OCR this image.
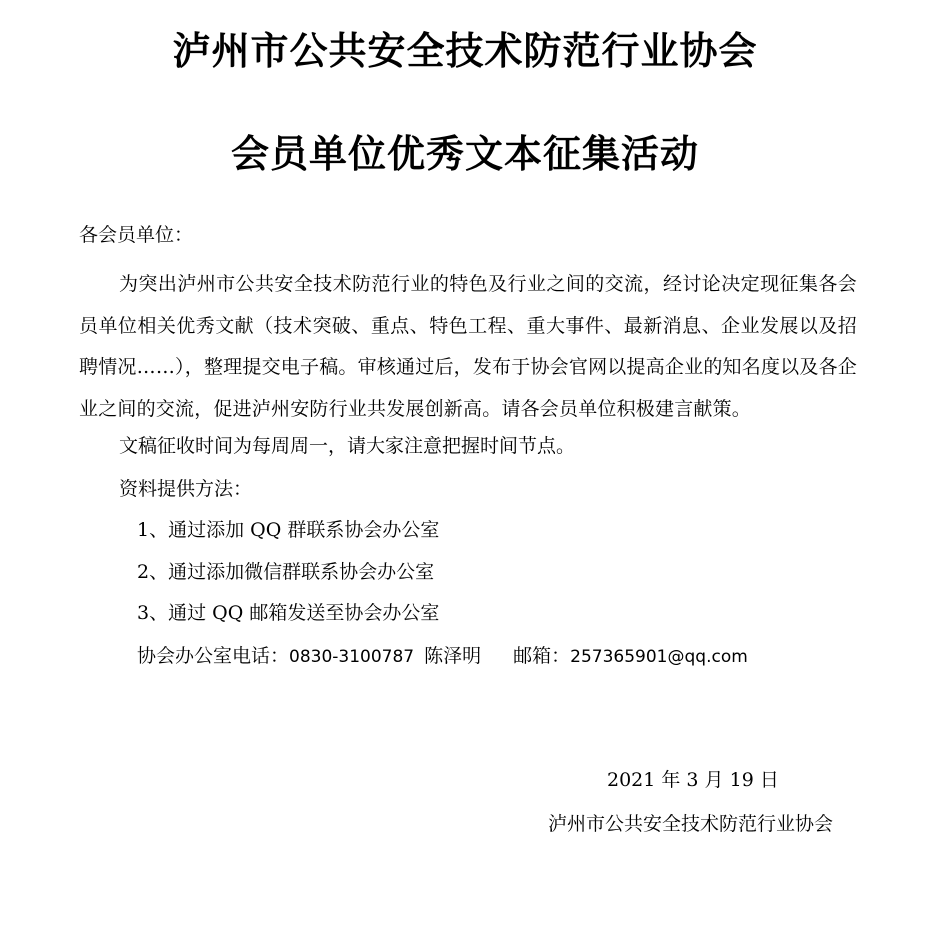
泸州市公共安全技术防范行业协会
会员单位优秀文本征集活动
各会员单位：
为突出泸州市公共安全技术防范行业的特色及行业之间的交流，经讨论决定现征集各会员单位相关优秀文献（技术突破、重点、特色工程、重大事件、最新消息、企业发展以及招聘情况……），整理提交电子稿。审核通过后，发布于协会官网以提高企业的知名度以及各企业之间的交流，促进泸州安防行业共发展创新高。请各会员单位积极建言献策。
文稿征收时间为每周周一，请大家注意把握时间节点。
资料提供方法：
1、通过添加 QQ 群联系协会办公室
2、通过添加微信群联系协会办公室
3、通过 QQ 邮箱发送至协会办公室
协会办公室电话：0830-3100787 陈泽明 邮箱：257365901@qq.com
2021 年 3 月 19 日
泸州市公共安全技术防范行业协会
